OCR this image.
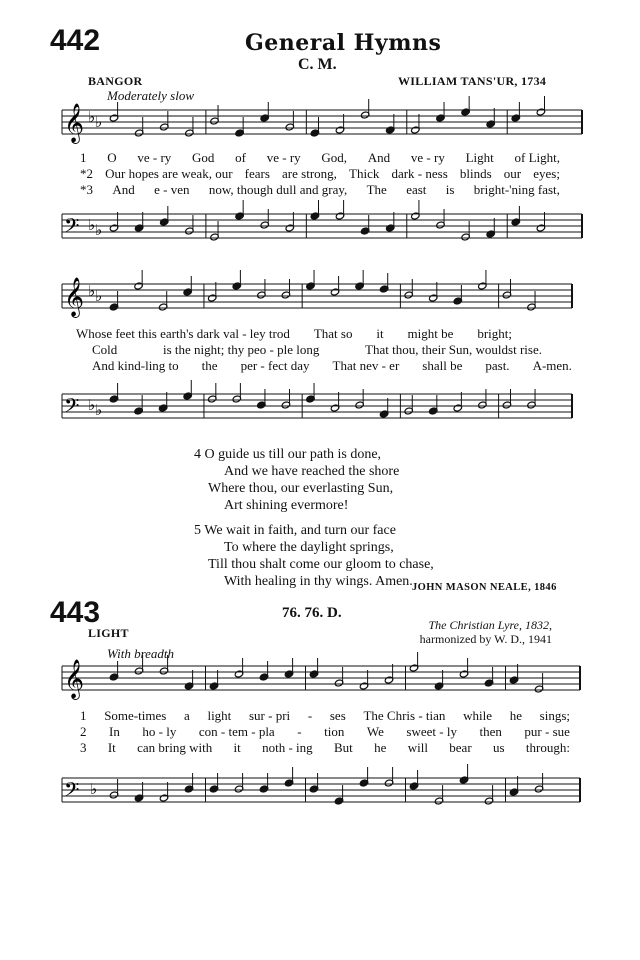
442	General Hymns
C. M.
BANGOR	WILLIAM TANS'UR, 1734
Moderately slow
𝄞 ♭ ♭
1 O ve - ry God of ve - ry God, And ve - ry Light of Light,
*2 Our hopes are weak, our fears are strong, Thick dark - ness blinds our eyes;
*3 And e - ven now, though dull and gray, The east is bright-'ning fast,
𝄢 ♭ ♭
𝄞 ♭ ♭
Whose feet this earth's dark val - ley trod That so it might be bright;
Cold	is the night; thy peo - ple long	That thou, their Sun, wouldst rise.
And kind-ling to the per - fect day That nev - er shall be past. A-men.
𝄢 ♭ ♭
4 O guide us till our path is done,
And we have reached the shore
Where thou, our everlasting Sun,
Art shining evermore!
5 We wait in faith, and turn our face
To where the daylight springs,
Till thou shalt come our gloom to chase,
With healing in thy wings. Amen. JOHN MASON NEALE, 1846
443	76. 76. D.
LIGHT
The Christian Lyre, 1832,
harmonized by W. D., 1941
With breadth
𝄞
1 Some-times a light sur - pri - ses The Chris - tian while he sings;
2 In ho - ly con - tem - pla - tion We sweet - ly then pur - sue
3 It can bring with it noth - ing But he will bear us through:
𝄢 ♭
